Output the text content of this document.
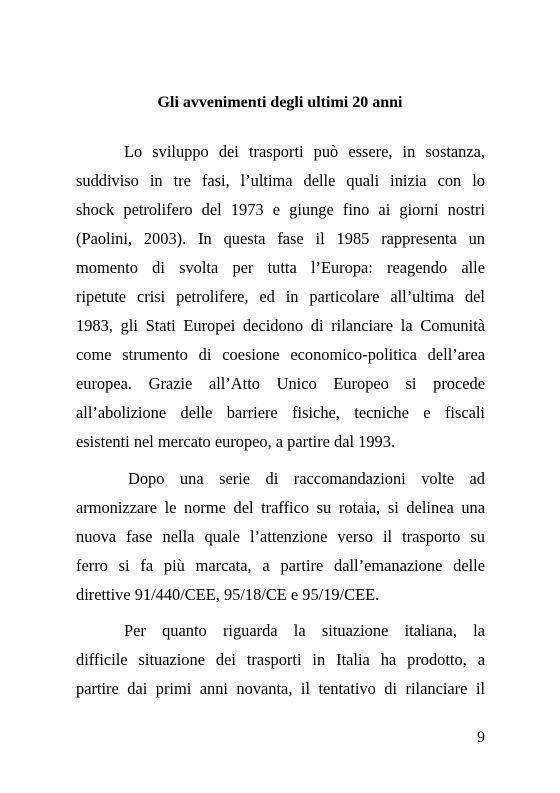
Gli avvenimenti degli ultimi 20 anni
Lo sviluppo dei trasporti può essere, in sostanza,
suddiviso in tre fasi, l’ultima delle quali inizia con lo
shock petrolifero del 1973 e giunge fino ai giorni nostri
(Paolini, 2003). In questa fase il 1985 rappresenta un
momento di svolta per tutta l’Europa: reagendo alle
ripetute crisi petrolifere, ed in particolare all’ultima del
1983, gli Stati Europei decidono di rilanciare la Comunità
come strumento di coesione economico-politica dell’area
europea. Grazie all’Atto Unico Europeo si procede
all’abolizione delle barriere fisiche, tecniche e fiscali
esistenti nel mercato europeo, a partire dal 1993.
Dopo una serie di raccomandazioni volte ad
armonizzare le norme del traffico su rotaia, si delinea una
nuova fase nella quale l’attenzione verso il trasporto su
ferro si fa più marcata, a partire dall’emanazione delle
direttive 91/440/CEE, 95/18/CE e 95/19/CEE.
Per quanto riguarda la situazione italiana, la
difficile situazione dei trasporti in Italia ha prodotto, a
partire dai primi anni novanta, il tentativo di rilanciare il
9
